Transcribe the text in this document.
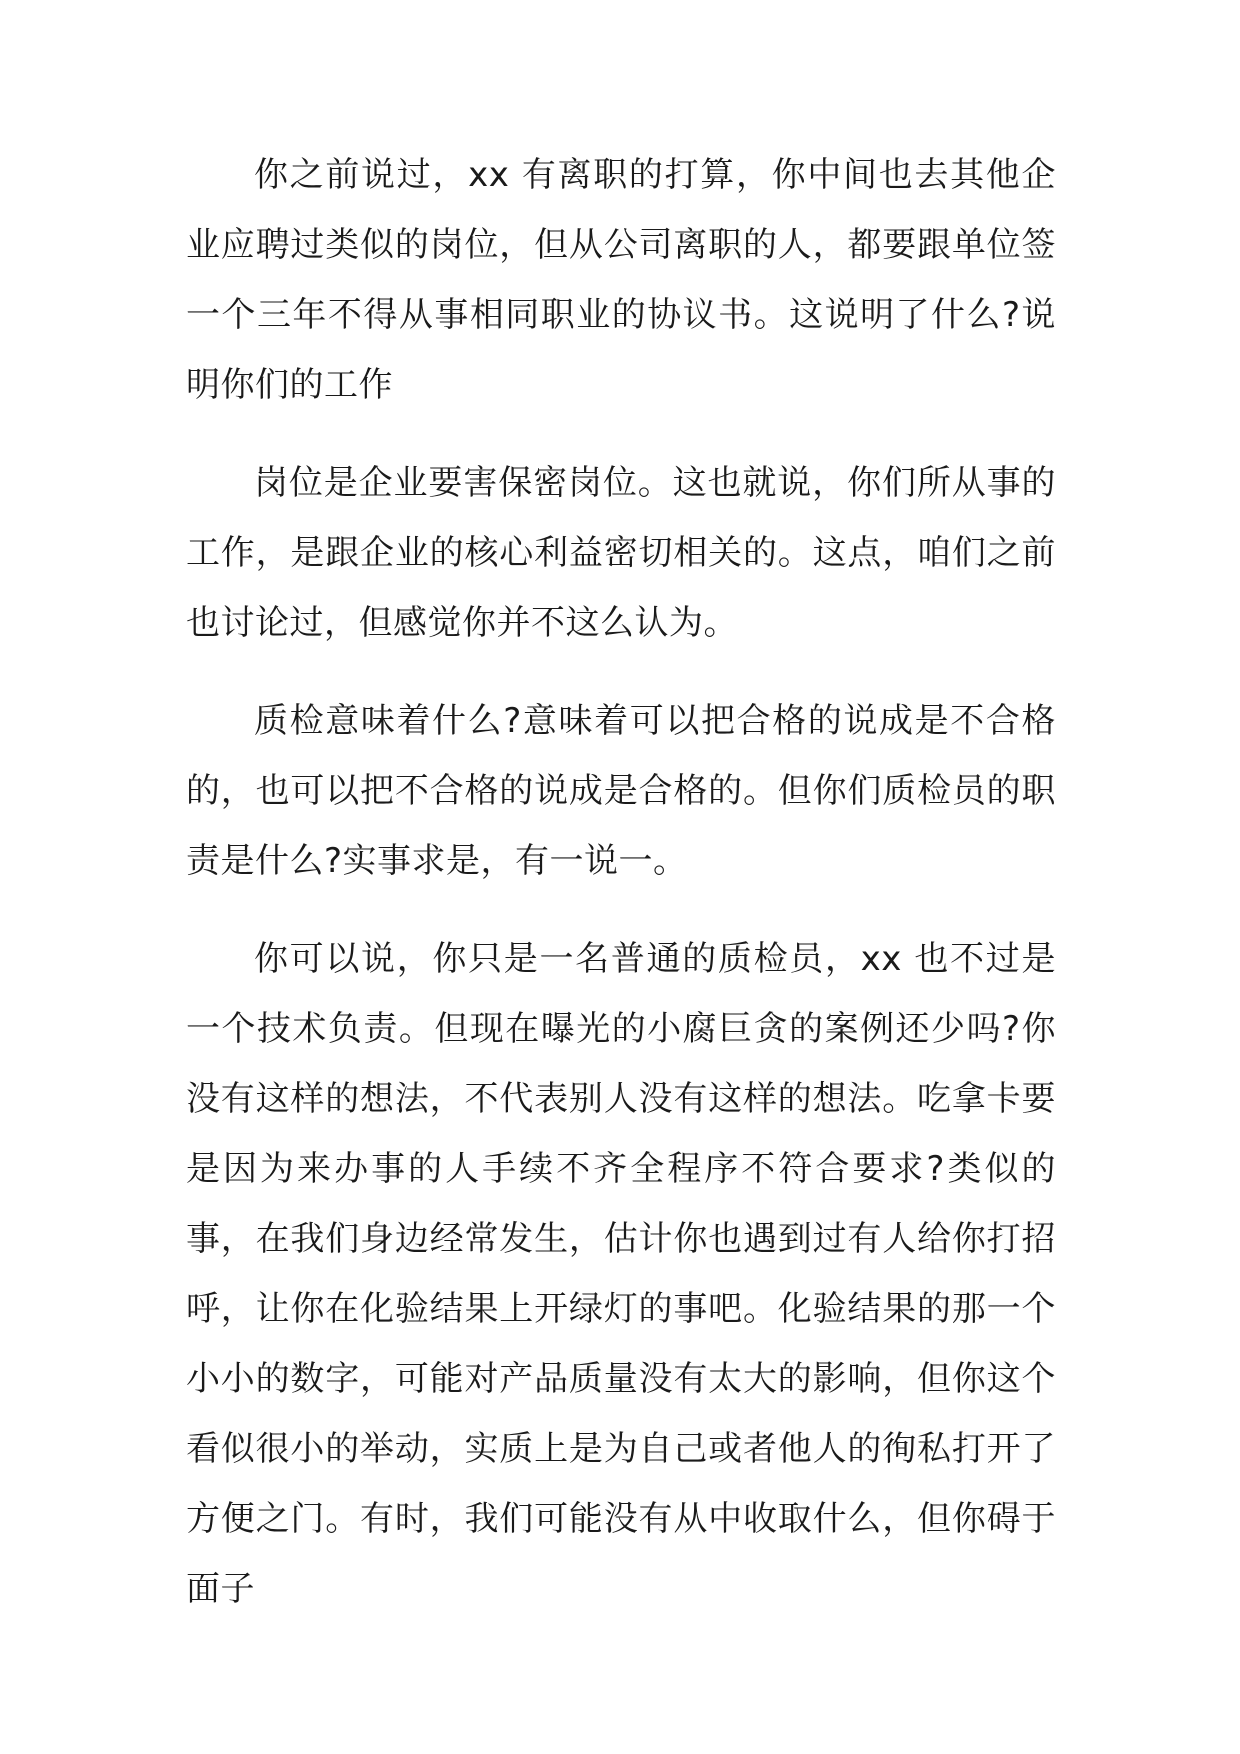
你之前说过，xx 有离职的打算，你中间也去其他企业应聘过类似的岗位，但从公司离职的人，都要跟单位签一个三年不得从事相同职业的协议书。这说明了什么?说明你们的工作

岗位是企业要害保密岗位。这也就说，你们所从事的工作，是跟企业的核心利益密切相关的。这点，咱们之前也讨论过，但感觉你并不这么认为。

质检意味着什么?意味着可以把合格的说成是不合格的，也可以把不合格的说成是合格的。但你们质检员的职责是什么?实事求是，有一说一。

你可以说，你只是一名普通的质检员，xx 也不过是一个技术负责。但现在曝光的小腐巨贪的案例还少吗?你没有这样的想法，不代表别人没有这样的想法。吃拿卡要是因为来办事的人手续不齐全程序不符合要求?类似的事，在我们身边经常发生，估计你也遇到过有人给你打招呼，让你在化验结果上开绿灯的事吧。化验结果的那一个小小的数字，可能对产品质量没有太大的影响，但你这个看似很小的举动，实质上是为自己或者他人的徇私打开了方便之门。有时，我们可能没有从中收取什么，但你碍于面子
